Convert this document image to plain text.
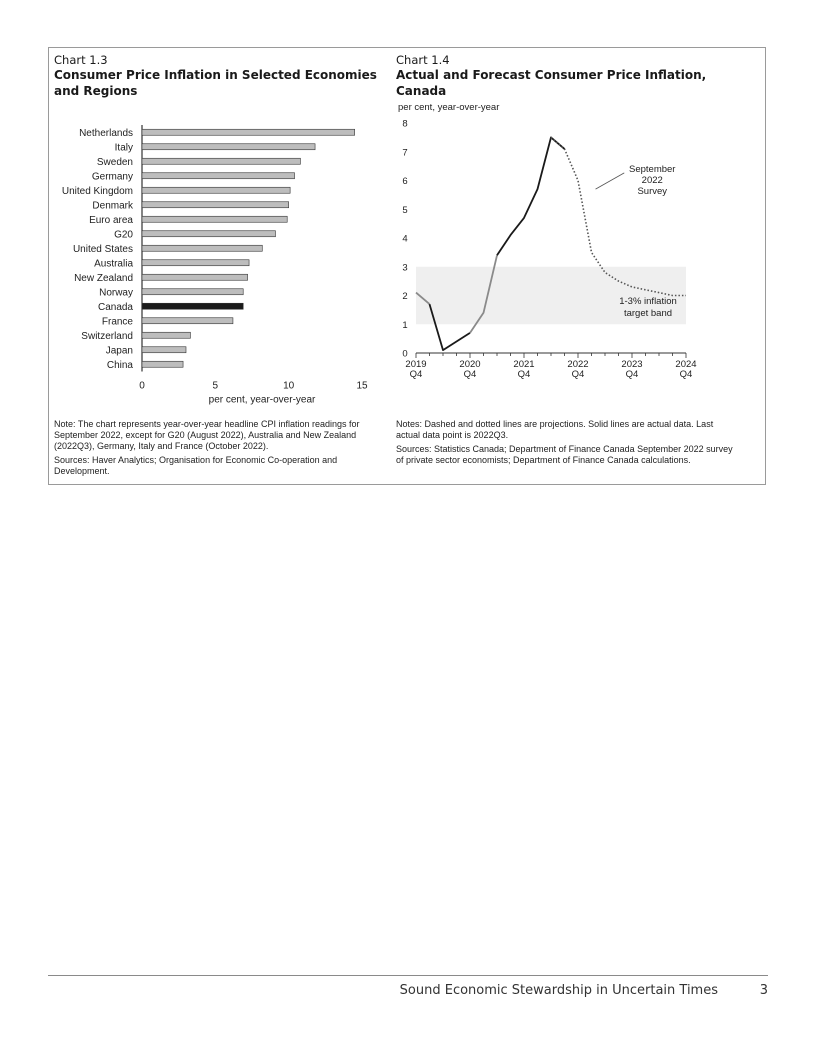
Chart 1.3
Consumer Price Inflation in Selected Economies and Regions
Netherlands
Italy
Sweden
Germany
United Kingdom
Denmark
Euro area
G20
United States
Australia
New Zealand
Norway
Canada
France
Switzerland
Japan
China
0	5	10	15
per cent, year-over-year
Chart 1.4
Actual and Forecast Consumer Price Inflation, Canada
per cent, year-over-year
1-3% inflation
target band
0
1
2
3
4
5
6
7
8
2019
Q4
2020
Q4
2021
Q4
2022
Q4
2023
Q4
2024
Q4
September
2022
Survey

Note: The chart represents year-over-year headline CPI inflation readings for September 2022, except for G20 (August 2022), Australia and New Zealand (2022Q3), Germany, Italy and France (October 2022).

Sources: Haver Analytics; Organisation for Economic Co-operation and Development.

Notes: Dashed and dotted lines are projections. Solid lines are actual data. Last actual data point is 2022Q3.

Sources: Statistics Canada; Department of Finance Canada September 2022 survey of private sector economists; Department of Finance Canada calculations.

Sound Economic Stewardship in Uncertain Times	3
